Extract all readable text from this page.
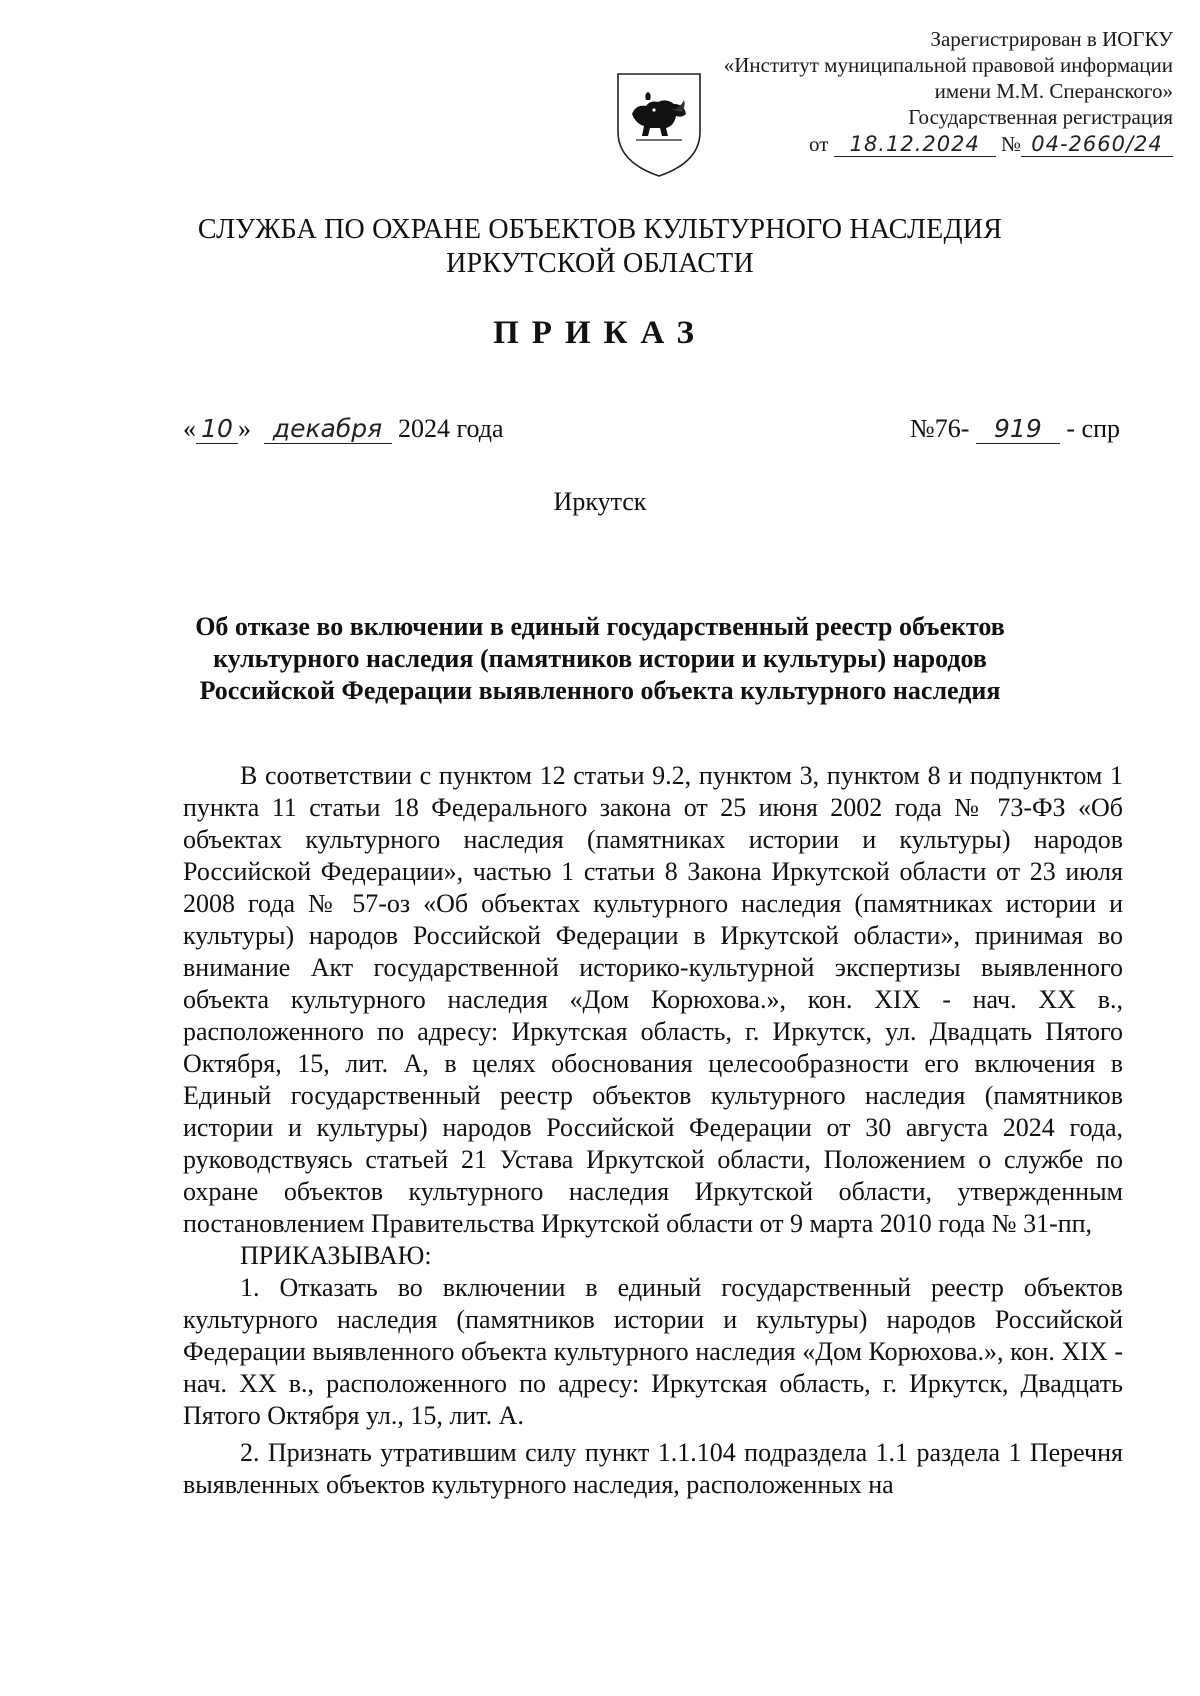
Зарегистрирован в ИОГКУ
«Институт муниципальной правовой информации
имени М.М. Сперанского»
Государственная регистрация
от 18.12.2024 № 04-2660/24
СЛУЖБА ПО ОХРАНЕ ОБЪЕКТОВ КУЛЬТУРНОГО НАСЛЕДИЯ
ИРКУТСКОЙ ОБЛАСТИ
ПРИКАЗ
« 10 » декабря 2024 года	№76- 919 - спр
Иркутск
Об отказе во включении в единый государственный реестр объектов культурного наследия (памятников истории и культуры) народов Российской Федерации выявленного объекта культурного наследия

В соответствии с пунктом 12 статьи 9.2, пунктом 3, пунктом 8 и подпунктом 1 пункта 11 статьи 18 Федерального закона от 25 июня 2002 года № 73-ФЗ «Об объектах культурного наследия (памятниках истории и культуры) народов Российской Федерации», частью 1 статьи 8 Закона Иркутской области от 23 июля 2008 года № 57-оз «Об объектах культурного наследия (памятниках истории и культуры) народов Российской Федерации в Иркутской области», принимая во внимание Акт государственной историко-культурной экспертизы выявленного объекта культурного наследия «Дом Корюхова.», кон. XIX - нач. XX в., расположенного по адресу: Иркутская область, г. Иркутск, ул. Двадцать Пятого Октября, 15, лит. А, в целях обоснования целесообразности его включения в Единый государственный реестр объектов культурного наследия (памятников истории и культуры) народов Российской Федерации от 30 августа 2024 года, руководствуясь статьей 21 Устава Иркутской области, Положением о службе по охране объектов культурного наследия Иркутской области, утвержденным постановлением Правительства Иркутской области от 9 марта 2010 года № 31-пп,

ПРИКАЗЫВАЮ:

1. Отказать во включении в единый государственный реестр объектов культурного наследия (памятников истории и культуры) народов Российской Федерации выявленного объекта культурного наследия «Дом Корюхова.», кон. XIX - нач. XX в., расположенного по адресу: Иркутская область, г. Иркутск, Двадцать Пятого Октября ул., 15, лит. А.

2. Признать утратившим силу пункт 1.1.104 подраздела 1.1 раздела 1 Перечня выявленных объектов культурного наследия, расположенных на
